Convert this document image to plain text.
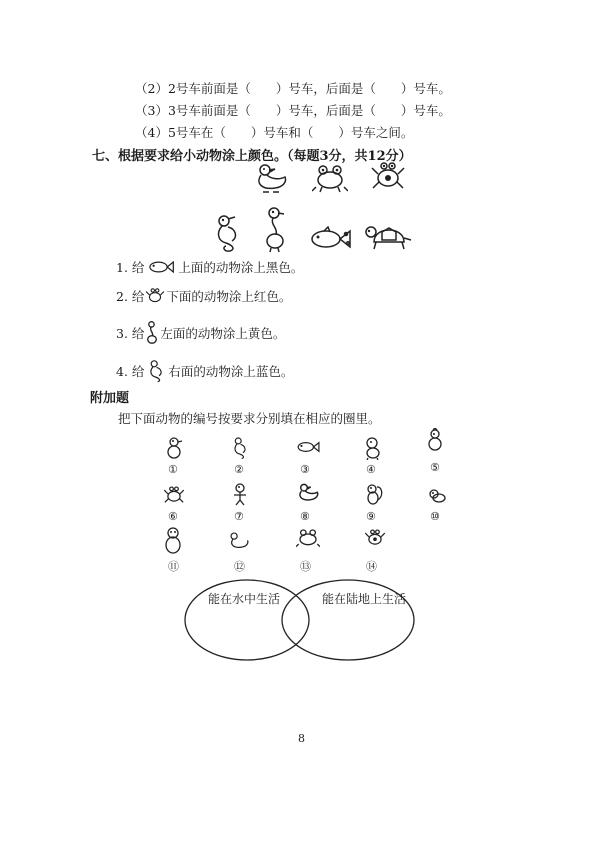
（2）2号车前面是（　　）号车，后面是（　　）号车。
（3）3号车前面是（　　）号车，后面是（　　）号车。
（4）5号车在（　　）号车和（　　）号车之间。
七、根据要求给小动物涂上颜色。（每题3分，共12分）
1. 给	上面的动物涂上黑色。
2. 给 下面的动物涂上红色。
3. 给 左面的动物涂上黄色。
4. 给 右面的动物涂上蓝色。
附加题
把下面动物的编号按要求分别填在相应的圈里。
①	②	③	④	⑤
⑥	⑦	⑧	⑨	⑩
⑪	⑫	⑬	⑭
能在水中生活	能在陆地上生活
8
